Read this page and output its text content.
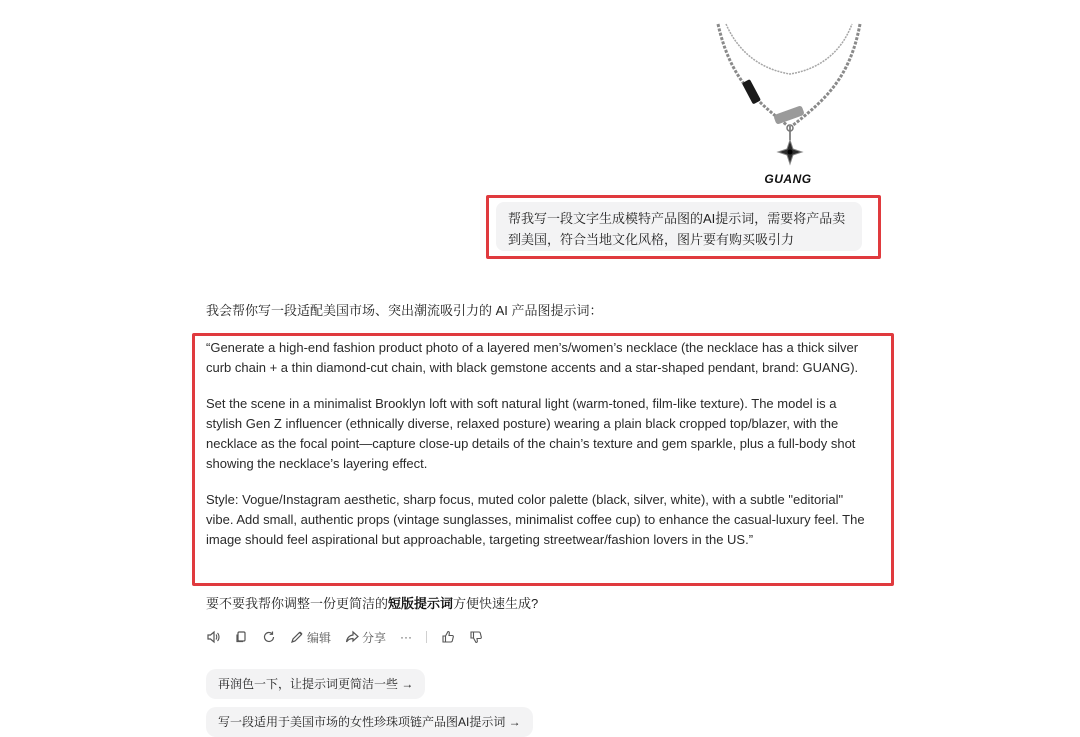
GUANG
帮我写一段文字生成模特产品图的AI提示词，需要将产品卖到美国，符合当地文化风格，图片要有购买吸引力
我会帮你写一段适配美国市场、突出潮流吸引力的 AI 产品图提示词：

“Generate a high-end fashion product photo of a layered men’s/women’s necklace (the necklace has a thick silver curb chain + a thin diamond-cut chain, with black gemstone accents and a star-shaped pendant, brand: GUANG).

Set the scene in a minimalist Brooklyn loft with soft natural light (warm-toned, film-like texture). The model is a stylish Gen Z influencer (ethnically diverse, relaxed posture) wearing a plain black cropped top/blazer, with the necklace as the focal point—capture close-up details of the chain’s texture and gem sparkle, plus a full-body shot showing the necklace’s layering effect.

Style: Vogue/Instagram aesthetic, sharp focus, muted color palette (black, silver, white), with a subtle "editorial" vibe. Add small, authentic props (vintage sunglasses, minimalist coffee cup) to enhance the casual-luxury feel. The image should feel aspirational but approachable, targeting streetwear/fashion lovers in the US.”

要不要我帮你调整一份更简洁的短版提示词方便快速生成?
编辑	分享 ···
再润色一下，让提示词更简洁一些 →
写一段适用于美国市场的女性珍珠项链产品图AI提示词 →
